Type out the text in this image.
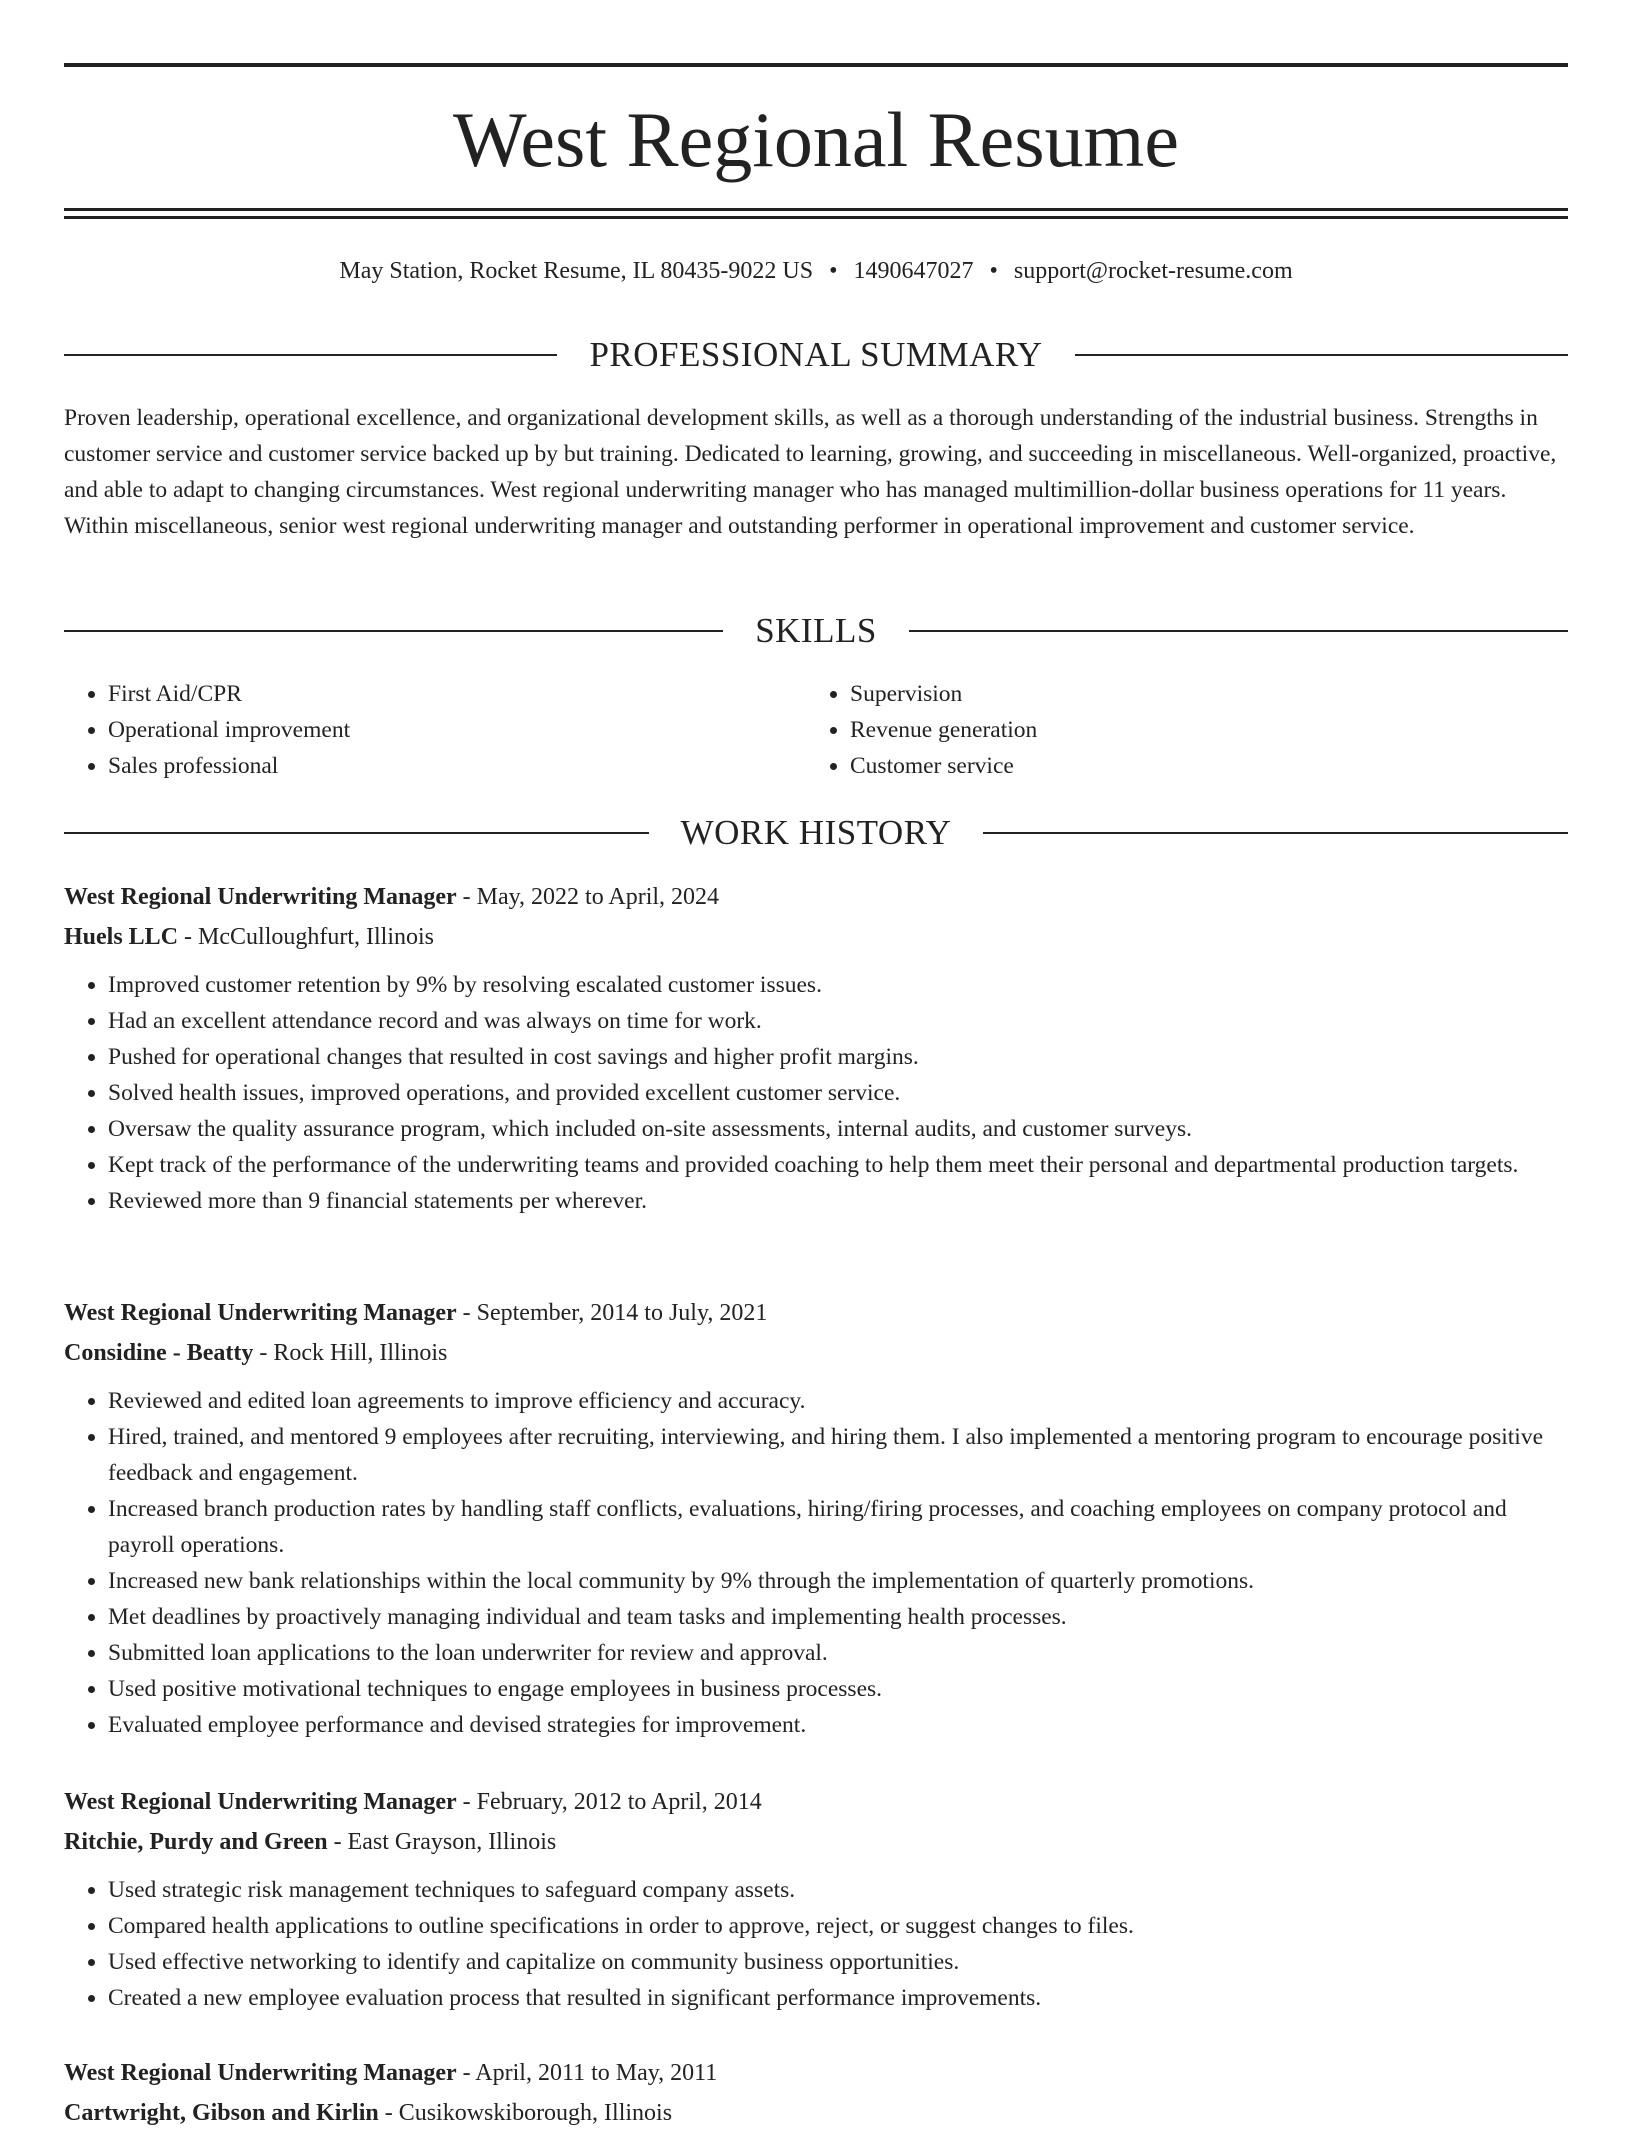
West Regional Resume
May Station, Rocket Resume, IL 80435-9022 US • 1490647027 • support@rocket-resume.com
PROFESSIONAL SUMMARY

Proven leadership, operational excellence, and organizational development skills, as well as a thorough understanding of the industrial business. Strengths in customer service and customer service backed up by but training. Dedicated to learning, growing, and succeeding in miscellaneous. Well-organized, proactive, and able to adapt to changing circumstances. West regional underwriting manager who has managed multimillion-dollar business operations for 11 years. Within miscellaneous, senior west regional underwriting manager and outstanding performer in operational improvement and customer service.

SKILLS
• First Aid/CPR
• Operational improvement
• Sales professional
• Supervision
• Revenue generation
• Customer service
WORK HISTORY

West Regional Underwriting Manager - May, 2022 to April, 2024

Huels LLC - McCulloughfurt, Illinois

• Improved customer retention by 9% by resolving escalated customer issues.
• Had an excellent attendance record and was always on time for work.
• Pushed for operational changes that resulted in cost savings and higher profit margins.
• Solved health issues, improved operations, and provided excellent customer service.
• Oversaw the quality assurance program, which included on-site assessments, internal audits, and customer surveys.
• Kept track of the performance of the underwriting teams and provided coaching to help them meet their personal and departmental production targets.
• Reviewed more than 9 financial statements per wherever.

West Regional Underwriting Manager - September, 2014 to July, 2021

Considine - Beatty - Rock Hill, Illinois

• Reviewed and edited loan agreements to improve efficiency and accuracy.
• Hired, trained, and mentored 9 employees after recruiting, interviewing, and hiring them. I also implemented a mentoring program to encourage positive feedback and engagement.
• Increased branch production rates by handling staff conflicts, evaluations, hiring/firing processes, and coaching employees on company protocol and payroll operations.
• Increased new bank relationships within the local community by 9% through the implementation of quarterly promotions.
• Met deadlines by proactively managing individual and team tasks and implementing health processes.
• Submitted loan applications to the loan underwriter for review and approval.
• Used positive motivational techniques to engage employees in business processes.
• Evaluated employee performance and devised strategies for improvement.

West Regional Underwriting Manager - February, 2012 to April, 2014

Ritchie, Purdy and Green - East Grayson, Illinois

• Used strategic risk management techniques to safeguard company assets.
• Compared health applications to outline specifications in order to approve, reject, or suggest changes to files.
• Used effective networking to identify and capitalize on community business opportunities.
• Created a new employee evaluation process that resulted in significant performance improvements.

West Regional Underwriting Manager - April, 2011 to May, 2011

Cartwright, Gibson and Kirlin - Cusikowskiborough, Illinois
